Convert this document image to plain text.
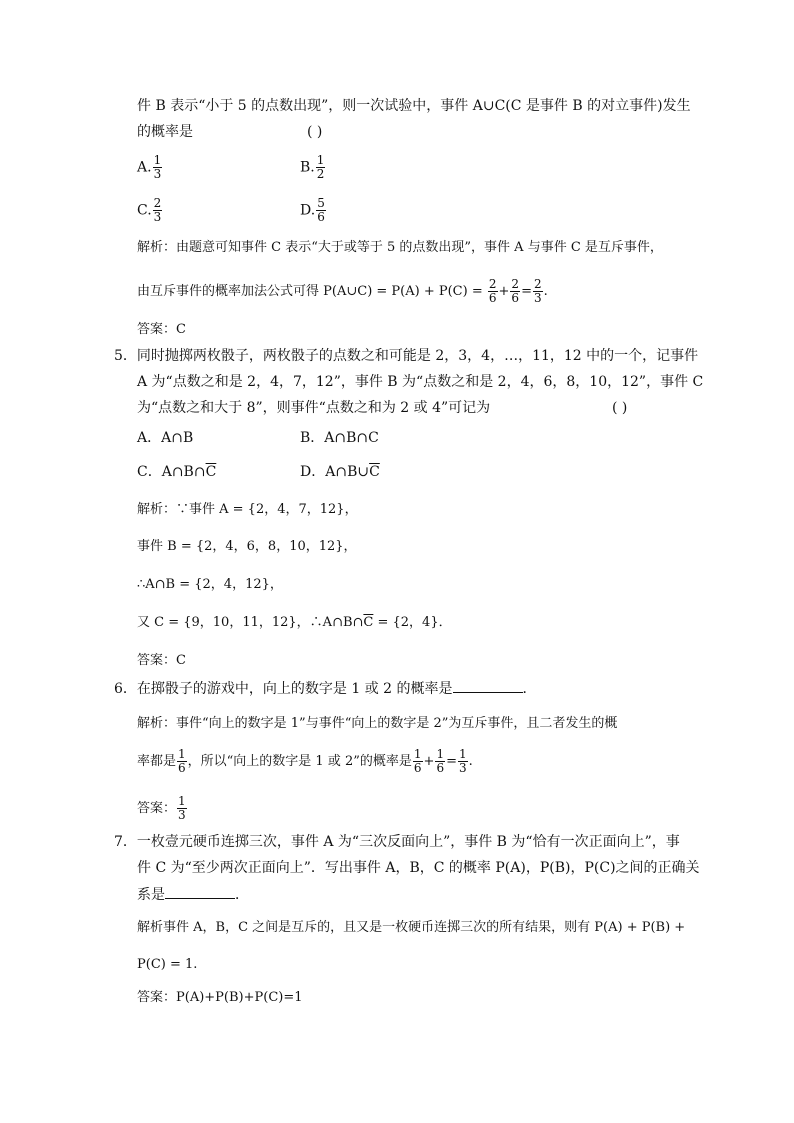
件 B 表示“小于 5 的点数出现”，则一次试验中，事件 A∪C(C 是事件 B 的对立事件)发生
的概率是	( )
A. $\frac{1}{3}$	B. $\frac{1}{2}$
C. $\frac{2}{3}$	D. $\frac{5}{6}$
解析：由题意可知事件 C 表示“大于或等于 5 的点数出现”，事件 A 与事件 C 是互斥事件，
由互斥事件的概率加法公式可得 P(A∪C) = $P(A) + P(C) = \frac{2}{6} + \frac{2}{6} = \frac{2}{3}$ .
答案：C
5．同时抛掷两枚骰子，两枚骰子的点数之和可能是 2，3，4，…，11，12 中的一个，记事件
A 为“点数之和是 2，4，7，12”，事件 B 为“点数之和是 2，4，6，8，10，12”，事件 C
为“点数之和大于 8”，则事件“点数之和为 2 或 4”可记为	( )
A．A∩B	B．A∩B∩C
C．$A\cap B\cap\overline{C}$	D．$A\cap B\cup\overline{C}$
解析：∵事件 A = {2，4，7，12}，
事件 B = {2，4，6，8，10，12}，
∴A∩B = {2，4，12}，
又 C = {9，10，11，12}，$\therefore A\cap B\cap\overline{C} = \{2$，4}．
答案：C
6．在掷骰子的游戏中，向上的数字是 1 或 2 的概率是	．
解析：事件“向上的数字是 1”与事件“向上的数字是 2”为互斥事件，且二者发生的概
率都是 $\frac{1}{6}$ ，所以“向上的数字是 1 或 2”的概率是 $\frac{1}{6} + \frac{1}{6} = \frac{1}{3}$ .
答案： $\frac{1}{3}$
7．一枚壹元硬币连掷三次，事件 A 为“三次反面向上”，事件 B 为“恰有一次正面向上”，事
件 C 为“至少两次正面向上”．写出事件 A，B，C 的概率 P(A)，P(B)，P(C)之间的正确关
系是	．
解析事件 A，B，C 之间是互斥的，且又是一枚硬币连掷三次的所有结果，则有 P(A) + P(B) +
P(C) = 1.
答案：P(A)+P(B)+P(C)=1
